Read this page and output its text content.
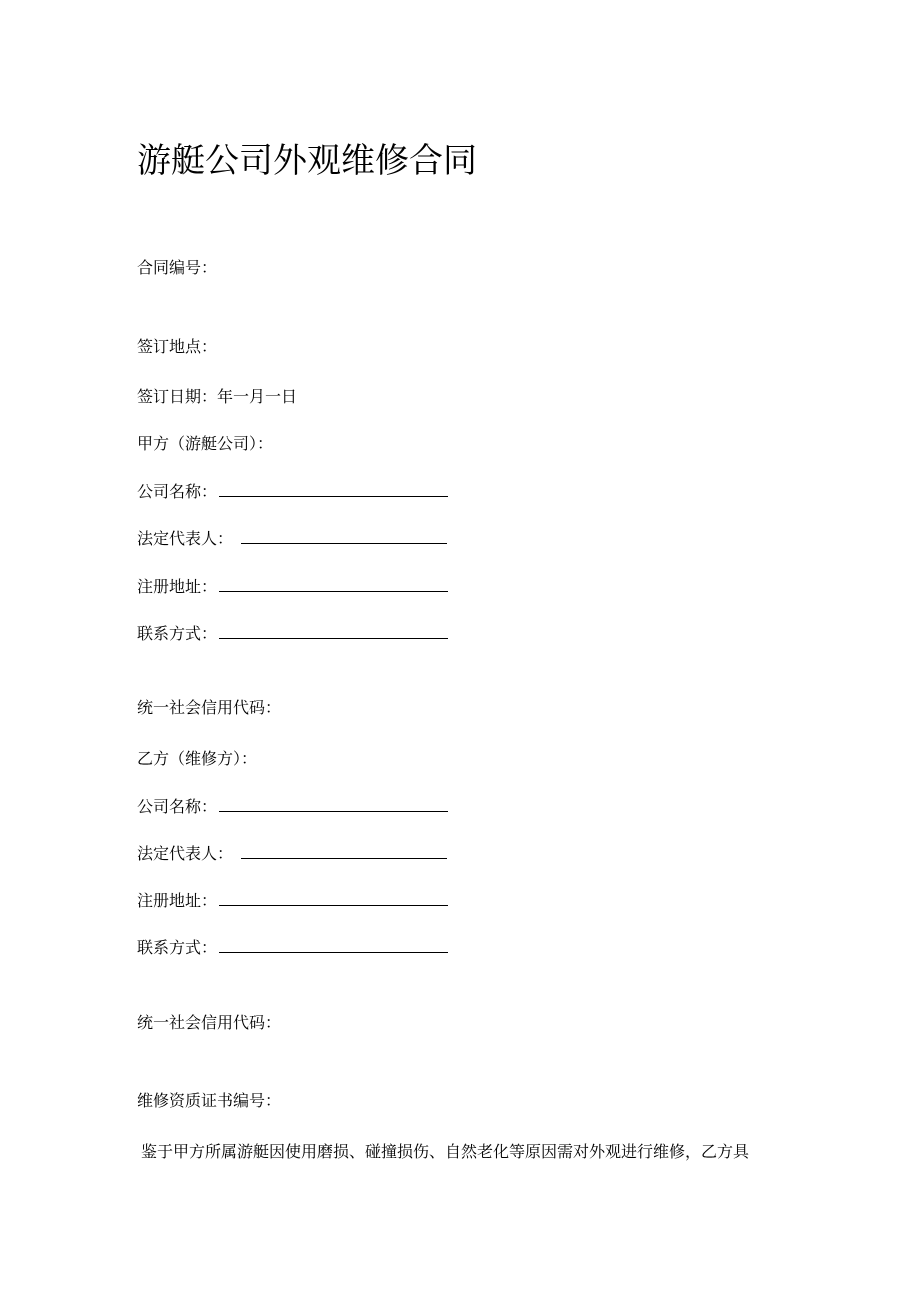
游艇公司外观维修合同
合同编号：
签订地点：
签订日期：年一月一日
甲方（游艇公司）：
公司名称：
法定代表人：
注册地址：
联系方式：
统一社会信用代码：
乙方（维修方）：
公司名称：
法定代表人：
注册地址：
联系方式：
统一社会信用代码：
维修资质证书编号：
鉴于甲方所属游艇因使用磨损、碰撞损伤、自然老化等原因需对外观进行维修，乙方具
